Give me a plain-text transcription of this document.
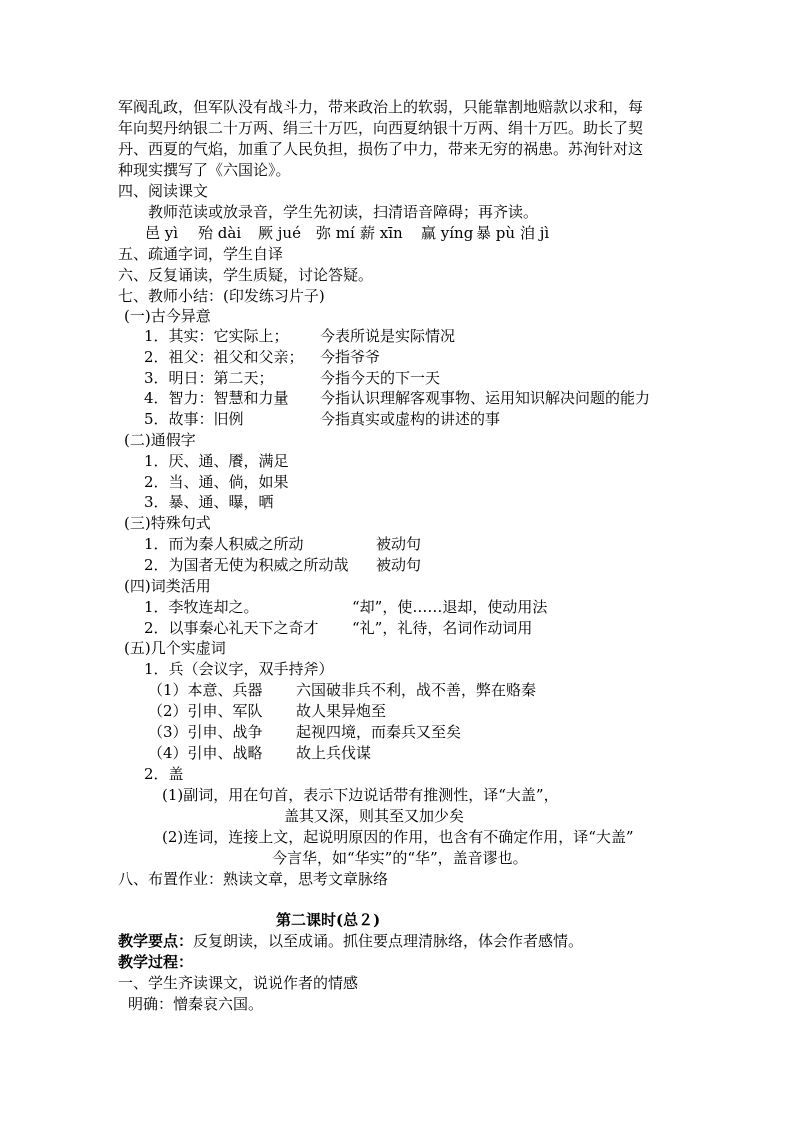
军阀乱政，但军队没有战斗力，带来政治上的软弱，只能靠割地赔款以求和，每
年向契丹纳银二十万两、绢三十万匹，向西夏纳银十万两、绢十万匹。助长了契
丹、西夏的气焰，加重了人民负担，损伤了中力，带来无穷的祸患。苏洵针对这
种现实撰写了《六国论》。
四、阅读课文
教师范读或放录音，学生先初读，扫清语音障碍；再齐读。
邑 yì 殆 dài 厥 jué 弥 mí 薪 xīn 赢 yíng 暴 pù 洎 jì
五、疏通字词，学生自译
六、反复诵读，学生质疑，讨论答疑。
七、教师小结：(印发练习片子)
(一)古今异意
1．其实：它实际上； 今表所说是实际情况
2．祖父：祖父和父亲； 今指爷爷
3．明日：第二天；	今指今天的下一天
4．智力：智慧和力量 今指认识理解客观事物、运用知识解决问题的能力
5．故事：旧例	今指真实或虚构的讲述的事
(二)通假字
1．厌、通、餍，满足
2．当、通、倘，如果
3．暴、通、曝，晒
(三)特殊句式
1．而为秦人积威之所动	被动句
2．为国者无使为积威之所动哉 被动句
(四)词类活用
1．李牧连却之。	“却”，使……退却，使动用法
2．以事秦心礼天下之奇才 “礼”，礼待，名词作动词用
(五)几个实虚词
1．兵（会议字，双手持斧）
（1）本意、兵器 六国破非兵不利，战不善，弊在赂秦
（2）引申、军队 故人果异炮至
（3）引申、战争 起视四境，而秦兵又至矣
（4）引申、战略 故上兵伐谋
2．盖
(1)副词，用在句首，表示下边说话带有推测性，译“大盖”，
盖其又深，则其至又加少矣
(2)连词，连接上文，起说明原因的作用，也含有不确定作用，译“大盖”
今言华，如“华实”的“华”，盖音谬也。
八、布置作业：熟读文章，思考文章脉络
第二课时(总２)
教学要点：反复朗读，以至成诵。抓住要点理清脉络，体会作者感情。
教学过程：
一、学生齐读课文，说说作者的情感
明确：憎秦哀六国。
